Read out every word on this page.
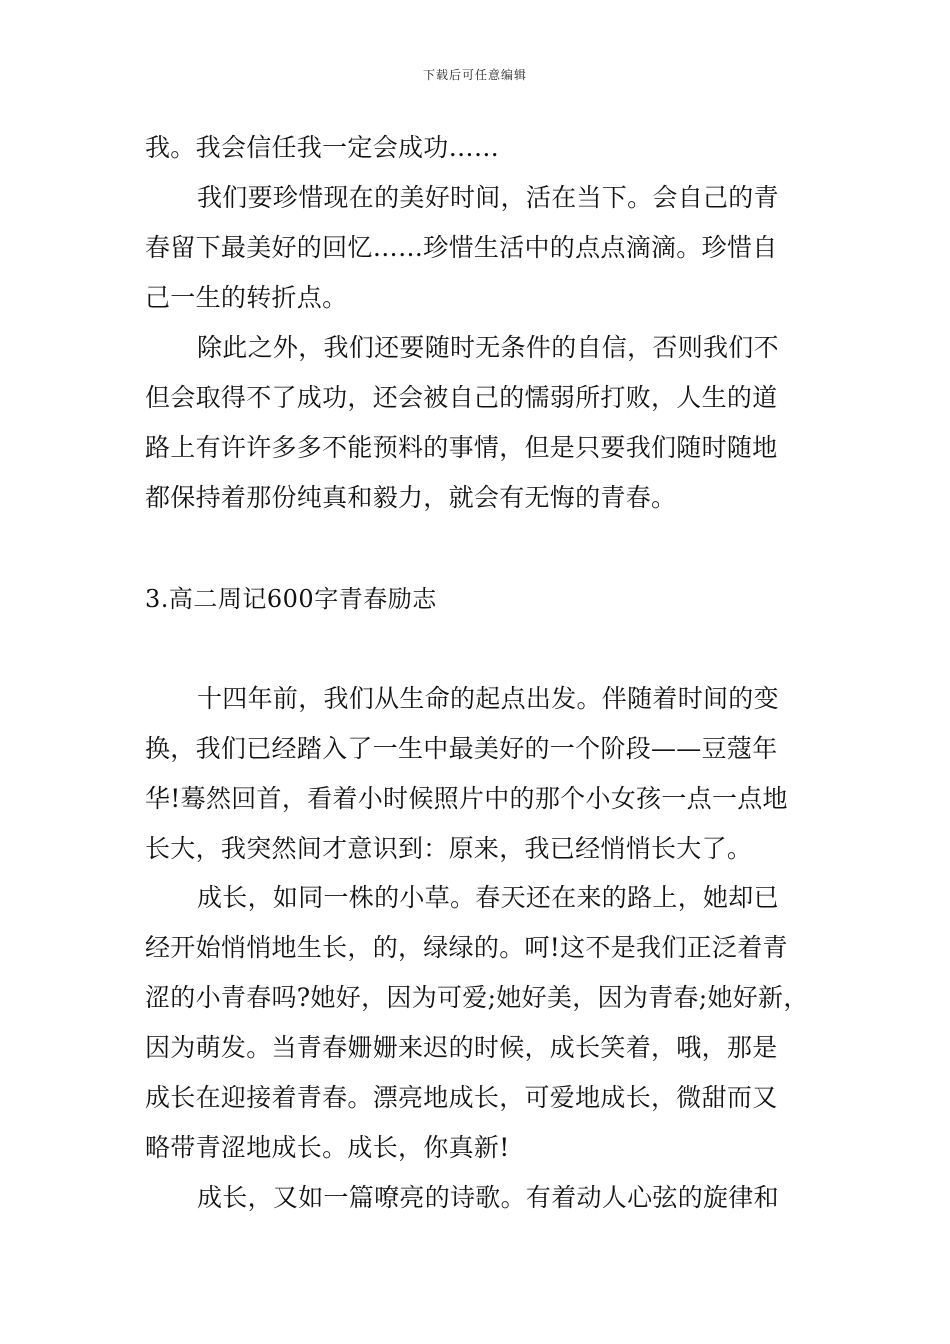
下载后可任意编辑
我。我会信任我一定会成功……
我们要珍惜现在的美好时间，活在当下。会自己的青
春留下最美好的回忆……珍惜生活中的点点滴滴。珍惜自
己一生的转折点。
除此之外，我们还要随时无条件的自信，否则我们不
但会取得不了成功，还会被自己的懦弱所打败，人生的道
路上有许许多多不能预料的事情，但是只要我们随时随地
都保持着那份纯真和毅力，就会有无悔的青春。
3.高二周记600字青春励志
十四年前，我们从生命的起点出发。伴随着时间的变
换，我们已经踏入了一生中最美好的一个阶段——豆蔻年
华!蓦然回首，看着小时候照片中的那个小女孩一点一点地
长大，我突然间才意识到：原来，我已经悄悄长大了。
成长，如同一株的小草。春天还在来的路上，她却已
经开始悄悄地生长，的，绿绿的。呵!这不是我们正泛着青
涩的小青春吗?她好，因为可爱;她好美，因为青春;她好新，
因为萌发。当青春姗姗来迟的时候，成长笑着，哦，那是
成长在迎接着青春。漂亮地成长，可爱地成长，微甜而又
略带青涩地成长。成长，你真新!
成长，又如一篇嘹亮的诗歌。有着动人心弦的旋律和
